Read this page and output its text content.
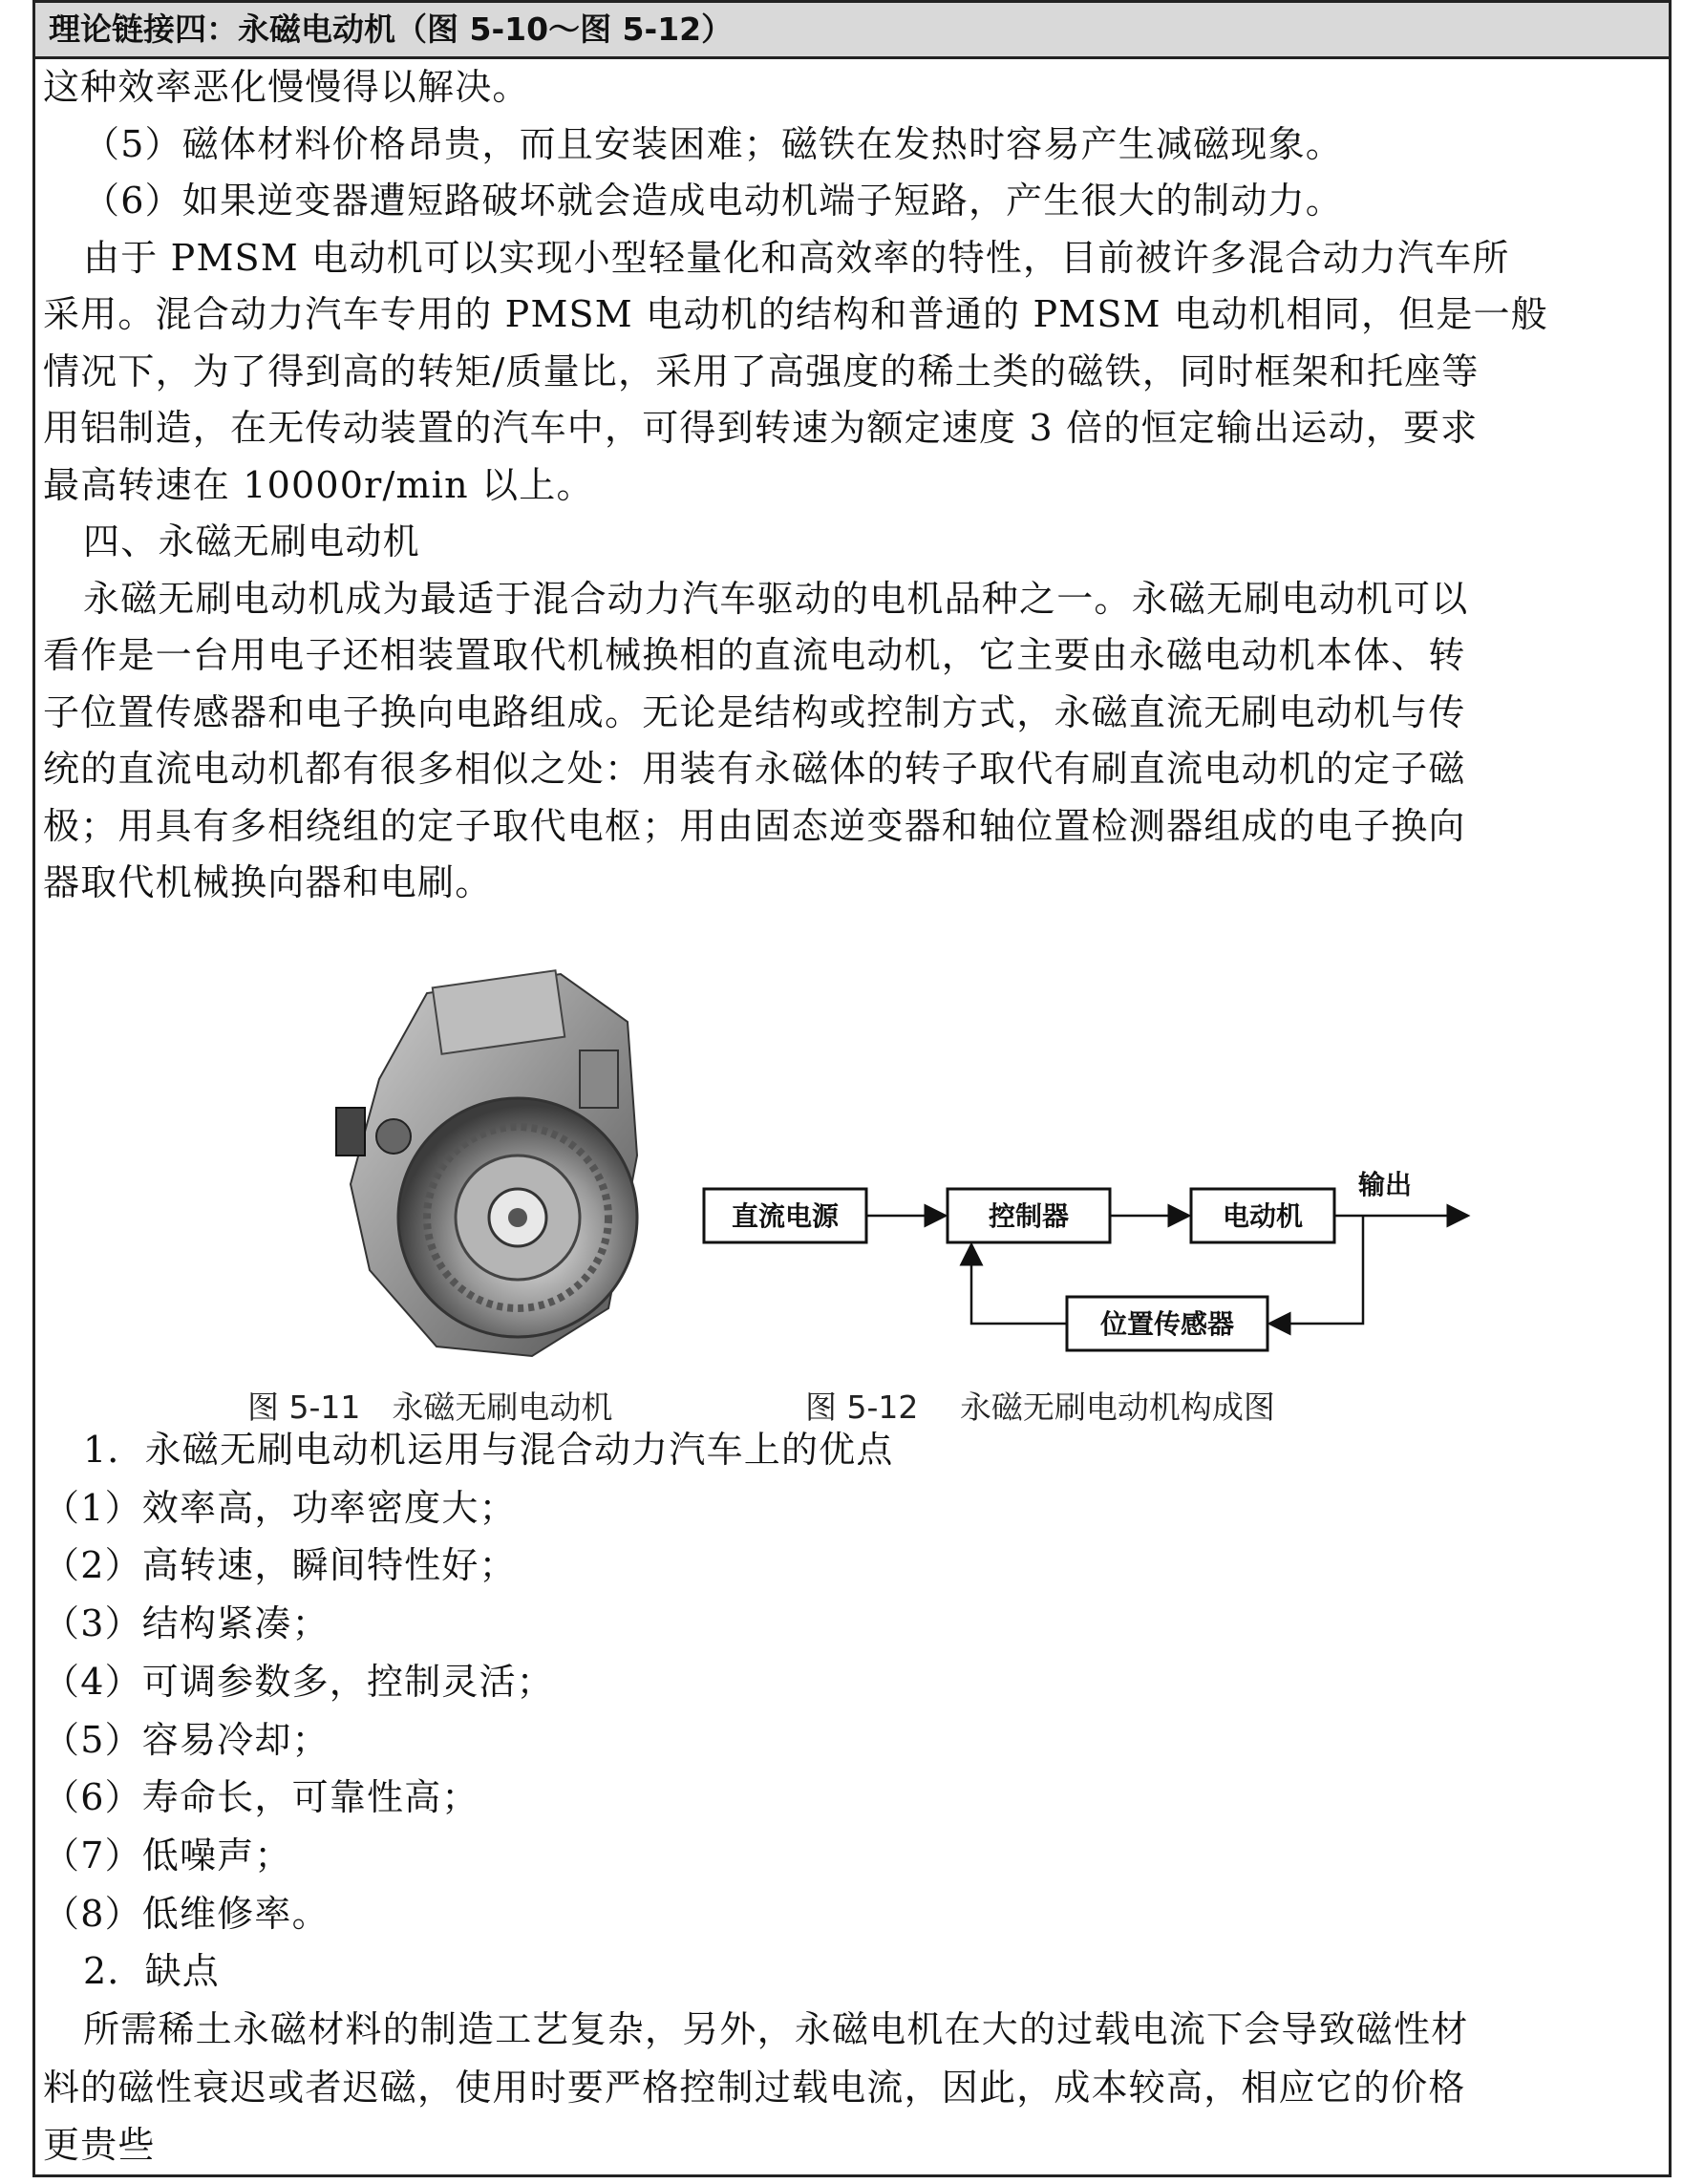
理论链接四：永磁电动机（图 5-10～图 5-12）

这种效率恶化慢慢得以解决。

（5）磁体材料价格昂贵，而且安装困难；磁铁在发热时容易产生减磁现象。

（6）如果逆变器遭短路破坏就会造成电动机端子短路，产生很大的制动力。

由于 PMSM 电动机可以实现小型轻量化和高效率的特性，目前被许多混合动力汽车所

采用。混合动力汽车专用的 PMSM 电动机的结构和普通的 PMSM 电动机相同，但是一般

情况下，为了得到高的转矩/质量比，采用了高强度的稀土类的磁铁，同时框架和托座等

用铝制造，在无传动装置的汽车中，可得到转速为额定速度 3 倍的恒定输出运动，要求

最高转速在 10000r/min 以上。

四、永磁无刷电动机

永磁无刷电动机成为最适于混合动力汽车驱动的电机品种之一。永磁无刷电动机可以

看作是一台用电子还相装置取代机械换相的直流电动机，它主要由永磁电动机本体、转

子位置传感器和电子换向电路组成。无论是结构或控制方式，永磁直流无刷电动机与传

统的直流电动机都有很多相似之处：用装有永磁体的转子取代有刷直流电动机的定子磁

极；用具有多相绕组的定子取代电枢；用由固态逆变器和轴位置检测器组成的电子换向

器取代机械换向器和电刷。

图 5-11　永磁无刷电动机	图 5-12　 永磁无刷电动机构成图
直流电源	控制器	电动机
输出
位置传感器

1．永磁无刷电动机运用与混合动力汽车上的优点

（1）效率高，功率密度大；

（2）高转速，瞬间特性好；

（3）结构紧凑；

（4）可调参数多，控制灵活；

（5）容易冷却；

（6）寿命长，可靠性高；

（7）低噪声；

（8）低维修率。

2．缺点

所需稀土永磁材料的制造工艺复杂，另外，永磁电机在大的过载电流下会导致磁性材

料的磁性衰迟或者迟磁，使用时要严格控制过载电流，因此，成本较高，相应它的价格

更贵些
